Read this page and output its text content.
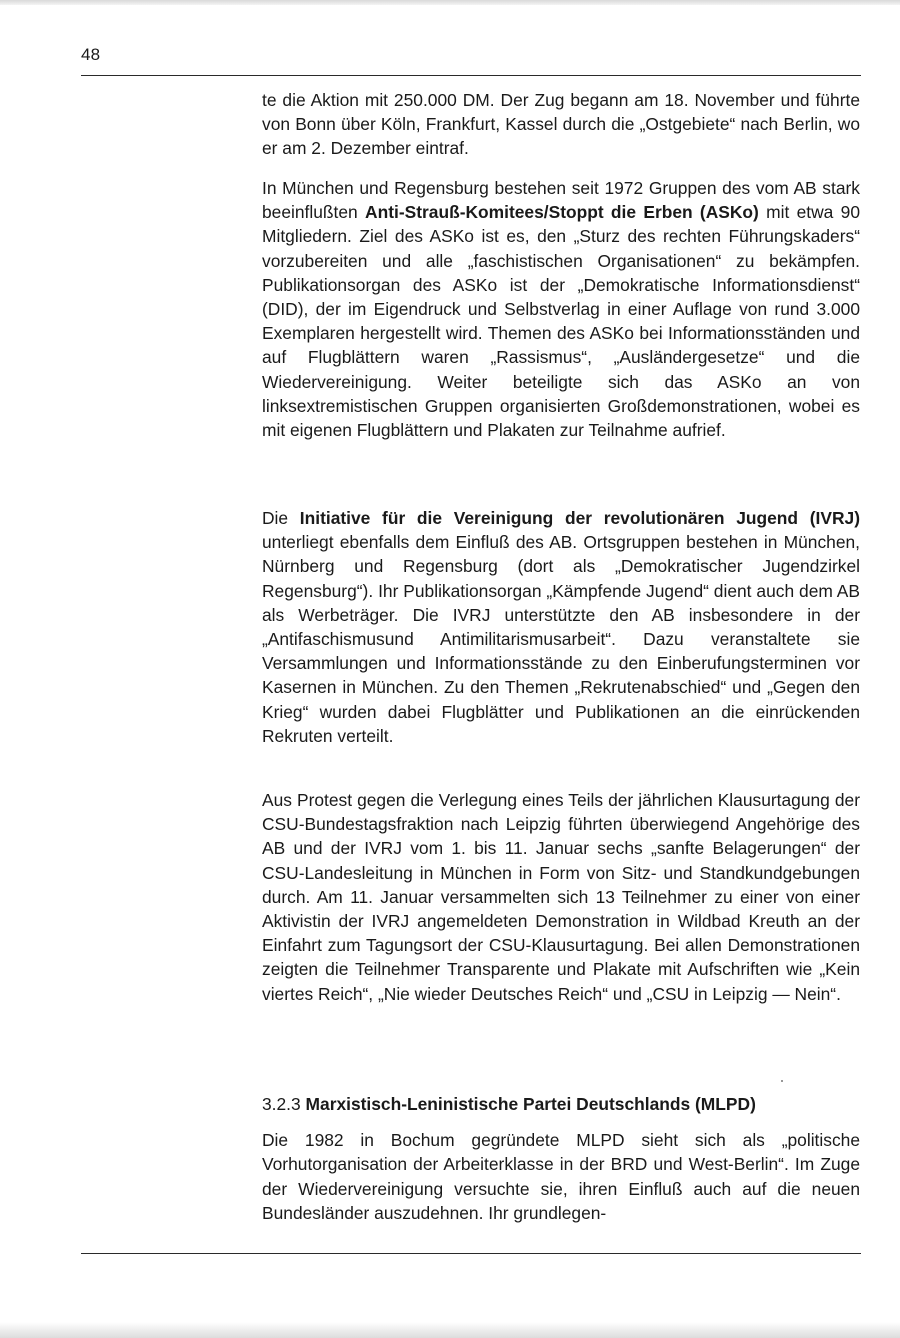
48

te die Aktion mit 250.000 DM. Der Zug begann am 18. November und führte von Bonn über Köln, Frankfurt, Kassel durch die „Ostgebiete“ nach Berlin, wo er am 2. Dezember eintraf.

In München und Regensburg bestehen seit 1972 Gruppen des vom AB stark beeinflußten Anti-Strauß-Komitees/Stoppt die Erben (ASKo) mit etwa 90 Mitgliedern. Ziel des ASKo ist es, den „Sturz des rechten Führungskaders“ vorzubereiten und alle „faschistischen Organisationen“ zu bekämpfen. Publikationsorgan des ASKo ist der „Demokratische Informationsdienst“ (DID), der im Eigendruck und Selbstverlag in einer Auflage von rund 3.000 Exemplaren hergestellt wird. Themen des ASKo bei Informationsständen und auf Flugblättern waren „Rassismus“, „Ausländergesetze“ und die Wiedervereinigung. Weiter beteiligte sich das ASKo an von linksextremistischen Gruppen organisierten Großdemonstrationen, wobei es mit eigenen Flugblättern und Plakaten zur Teilnahme aufrief.

Die Initiative für die Vereinigung der revolutionären Jugend (IVRJ) unterliegt ebenfalls dem Einfluß des AB. Ortsgruppen bestehen in München, Nürnberg und Regensburg (dort als „Demokratischer Jugendzirkel Regensburg“). Ihr Publikationsorgan „Kämpfende Jugend“ dient auch dem AB als Werbeträger. Die IVRJ unterstützte den AB insbesondere in der „Antifaschismusund Antimilitarismusarbeit“. Dazu veranstaltete sie Versammlungen und Informationsstände zu den Einberufungsterminen vor Kasernen in München. Zu den Themen „Rekrutenabschied“ und „Gegen den Krieg“ wurden dabei Flugblätter und Publikationen an die einrückenden Rekruten verteilt.

Aus Protest gegen die Verlegung eines Teils der jährlichen Klausurtagung der CSU-Bundestagsfraktion nach Leipzig führten überwiegend Angehörige des AB und der IVRJ vom 1. bis 11. Januar sechs „sanfte Belagerungen“ der CSU-Landesleitung in München in Form von Sitz- und Standkundgebungen durch. Am 11. Januar versammelten sich 13 Teilnehmer zu einer von einer Aktivistin der IVRJ angemeldeten Demonstration in Wildbad Kreuth an der Einfahrt zum Tagungsort der CSU-Klausurtagung. Bei allen Demonstrationen zeigten die Teilnehmer Transparente und Plakate mit Aufschriften wie „Kein viertes Reich“, „Nie wieder Deutsches Reich“ und „CSU in Leipzig — Nein“.

3.2.3 Marxistisch-Leninistische Partei Deutschlands (MLPD)

Die 1982 in Bochum gegründete MLPD sieht sich als „politische Vorhutorganisation der Arbeiterklasse in der BRD und West-Berlin“. Im Zuge der Wiedervereinigung versuchte sie, ihren Einfluß auch auf die neuen Bundesländer auszudehnen. Ihr grundlegen-
